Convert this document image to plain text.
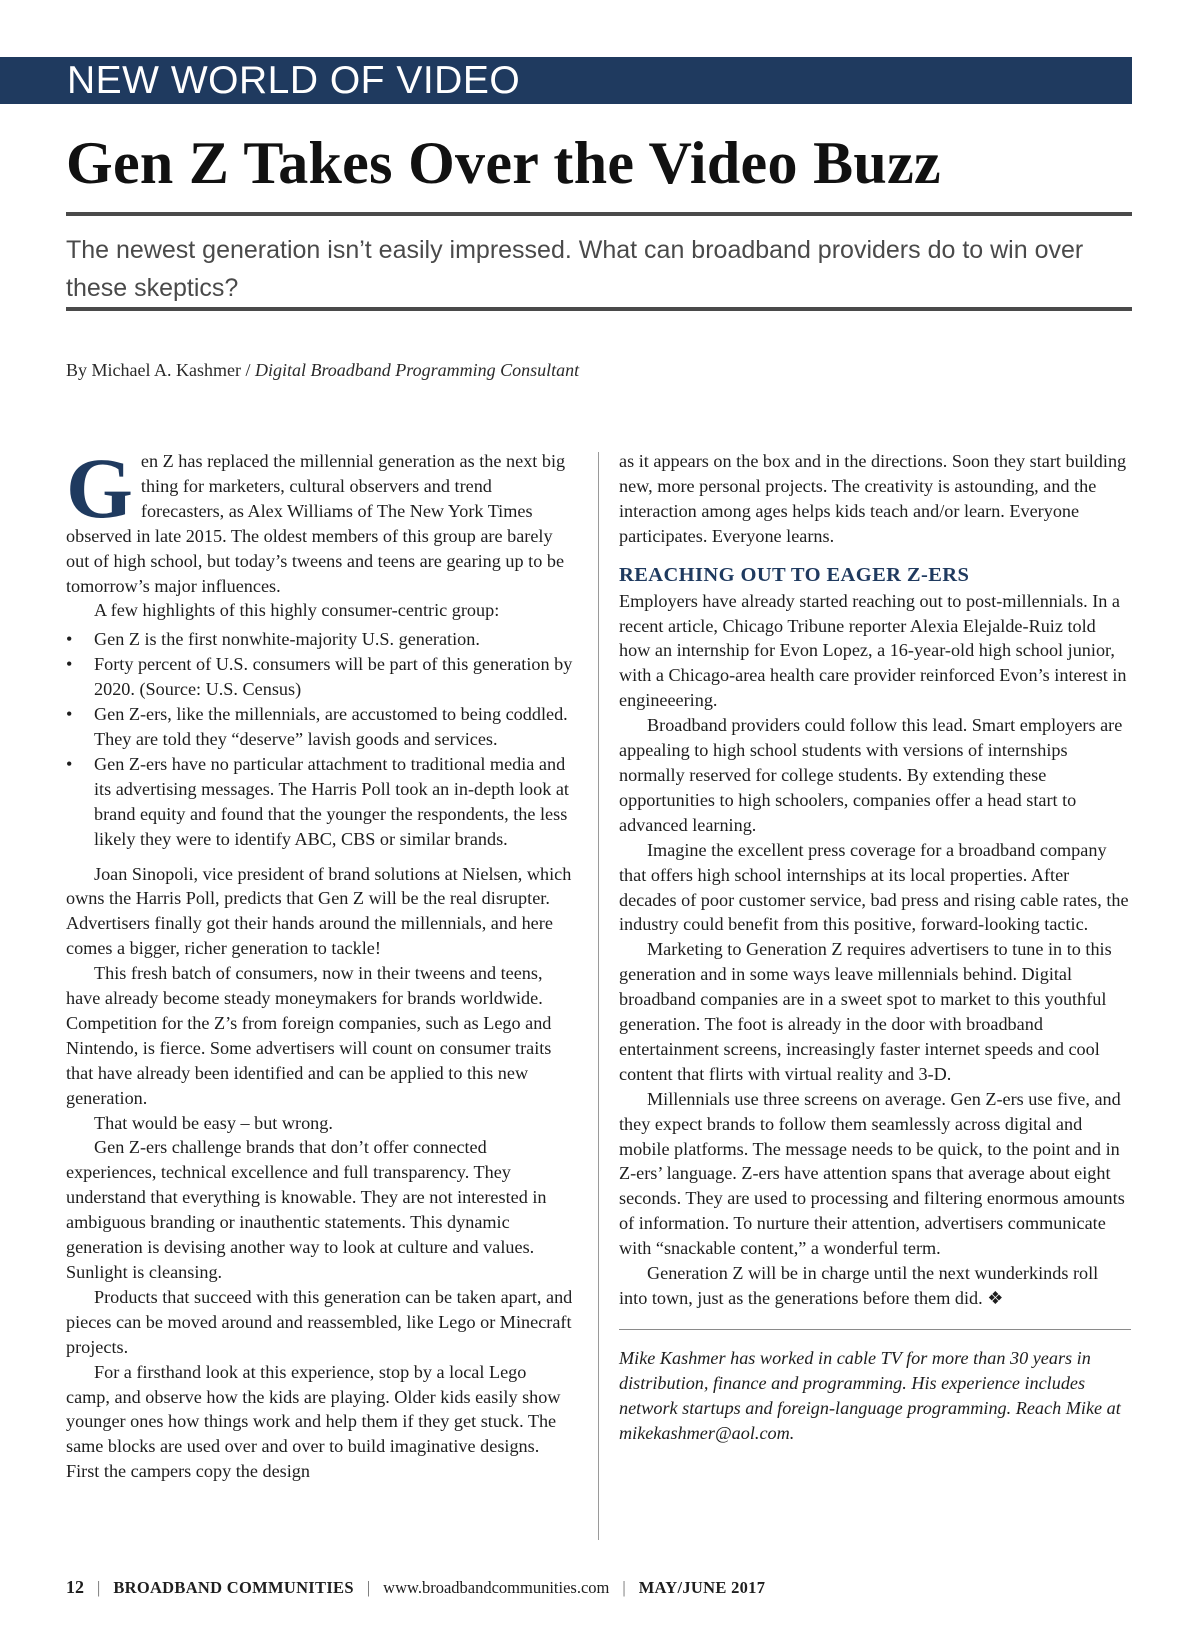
NEW WORLD OF VIDEO
Gen Z Takes Over the Video Buzz

The newest generation isn’t easily impressed. What can broadband providers do to win over these skeptics?

By Michael A. Kashmer / Digital Broadband Programming Consultant

Gen Z has replaced the millennial generation as the next big thing for marketers, cultural observers and trend forecasters, as Alex Williams of The New York Times observed in late 2015. The oldest members of this group are barely out of high school, but today’s tweens and teens are gearing up to be tomorrow’s major influences.

A few highlights of this highly consumer-centric group:

• Gen Z is the first nonwhite-majority U.S. generation.
• Forty percent of U.S. consumers will be part of this generation by 2020. (Source: U.S. Census)
• Gen Z-ers, like the millennials, are accustomed to being coddled. They are told they “deserve” lavish goods and services.
• Gen Z-ers have no particular attachment to traditional media and its advertising messages. The Harris Poll took an in-depth look at brand equity and found that the younger the respondents, the less likely they were to identify ABC, CBS or similar brands.

Joan Sinopoli, vice president of brand solutions at Nielsen, which owns the Harris Poll, predicts that Gen Z will be the real disrupter. Advertisers finally got their hands around the millennials, and here comes a bigger, richer generation to tackle!

This fresh batch of consumers, now in their tweens and teens, have already become steady moneymakers for brands worldwide. Competition for the Z’s from foreign companies, such as Lego and Nintendo, is fierce. Some advertisers will count on consumer traits that have already been identified and can be applied to this new generation.

That would be easy – but wrong.

Gen Z-ers challenge brands that don’t offer connected experiences, technical excellence and full transparency. They understand that everything is knowable. They are not interested in ambiguous branding or inauthentic statements. This dynamic generation is devising another way to look at culture and values. Sunlight is cleansing.

Products that succeed with this generation can be taken apart, and pieces can be moved around and reassembled, like Lego or Minecraft projects.

For a firsthand look at this experience, stop by a local Lego camp, and observe how the kids are playing. Older kids easily show younger ones how things work and help them if they get stuck. The same blocks are used over and over to build imaginative designs. First the campers copy the design

as it appears on the box and in the directions. Soon they start building new, more personal projects. The creativity is astounding, and the interaction among ages helps kids teach and/or learn. Everyone participates. Everyone learns.

REACHING OUT TO EAGER Z-ERS

Employers have already started reaching out to post-millennials. In a recent article, Chicago Tribune reporter Alexia Elejalde-Ruiz told how an internship for Evon Lopez, a 16-year-old high school junior, with a Chicago-area health care provider reinforced Evon’s interest in engineeering.

Broadband providers could follow this lead. Smart employers are appealing to high school students with versions of internships normally reserved for college students. By extending these opportunities to high schoolers, companies offer a head start to advanced learning.

Imagine the excellent press coverage for a broadband company that offers high school internships at its local properties. After decades of poor customer service, bad press and rising cable rates, the industry could benefit from this positive, forward-looking tactic.

Marketing to Generation Z requires advertisers to tune in to this generation and in some ways leave millennials behind. Digital broadband companies are in a sweet spot to market to this youthful generation. The foot is already in the door with broadband entertainment screens, increasingly faster internet speeds and cool content that flirts with virtual reality and 3-D.

Millennials use three screens on average. Gen Z-ers use five, and they expect brands to follow them seamlessly across digital and mobile platforms. The message needs to be quick, to the point and in Z-ers’ language. Z-ers have attention spans that average about eight seconds. They are used to processing and filtering enormous amounts of information. To nurture their attention, advertisers communicate with “snackable content,” a wonderful term.

Generation Z will be in charge until the next wunderkinds roll into town, just as the generations before them did. ❖

Mike Kashmer has worked in cable TV for more than 30 years in distribution, finance and programming. His experience includes network startups and foreign-language programming. Reach Mike at mikekashmer@aol.com.

12 | BROADBAND COMMUNITIES | www.broadbandcommunities.com | MAY/JUNE 2017
